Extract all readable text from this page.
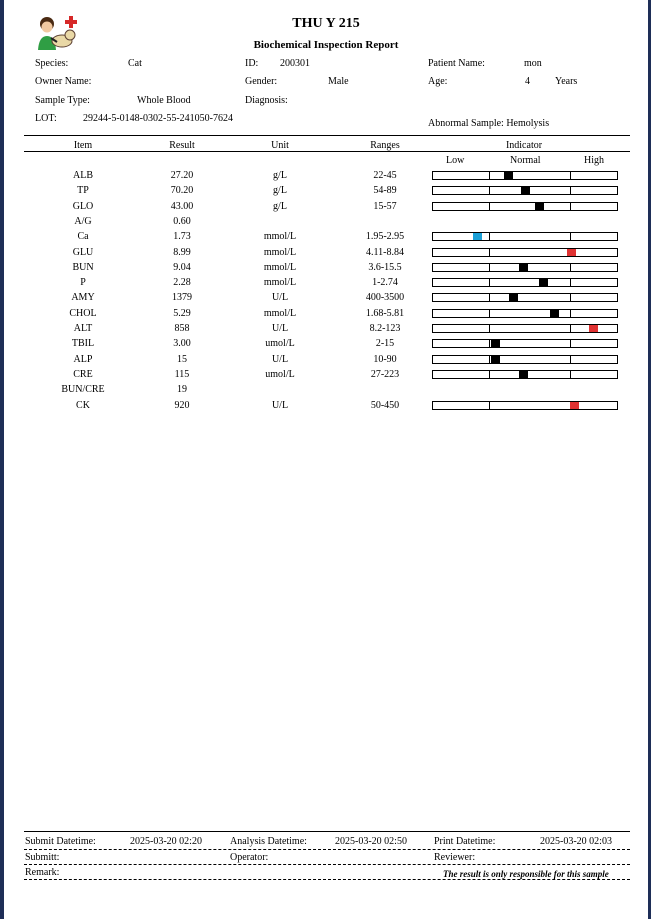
THU Y 215
Biochemical Inspection Report
Species:	Cat	ID: 200301	Patient Name:	mon
Owner Name:	Gender:	Male	Age:	4	Years
Sample Type:	Whole Blood	Diagnosis:
LOT:	29244-5-0148-0302-55-241050-7624	Abnormal Sample: Hemolysis
Item	Result	Unit	Ranges	Indicator
Low	Normal	High
ALB	27.20	g/L	22-45
TP	70.20	g/L	54-89
GLO	43.00	g/L	15-57
A/G	0.60
Ca	1.73	mmol/L	1.95-2.95
GLU	8.99	mmol/L	4.11-8.84
BUN	9.04	mmol/L	3.6-15.5
P	2.28	mmol/L	1-2.74
AMY	1379	U/L	400-3500
CHOL	5.29	mmol/L	1.68-5.81
ALT	858	U/L	8.2-123
TBIL	3.00	umol/L	2-15
ALP	15	U/L	10-90
CRE	115	umol/L	27-223
BUN/CRE	19
CK	920	U/L	50-450
Submit Datetime:	2025-03-20 02:20	Analysis Datetime:	2025-03-20 02:50	Print Datetime:	2025-03-20 02:03
Submitt:	Operator:	Reviewer:
Remark:	The result is only responsible for this sample
